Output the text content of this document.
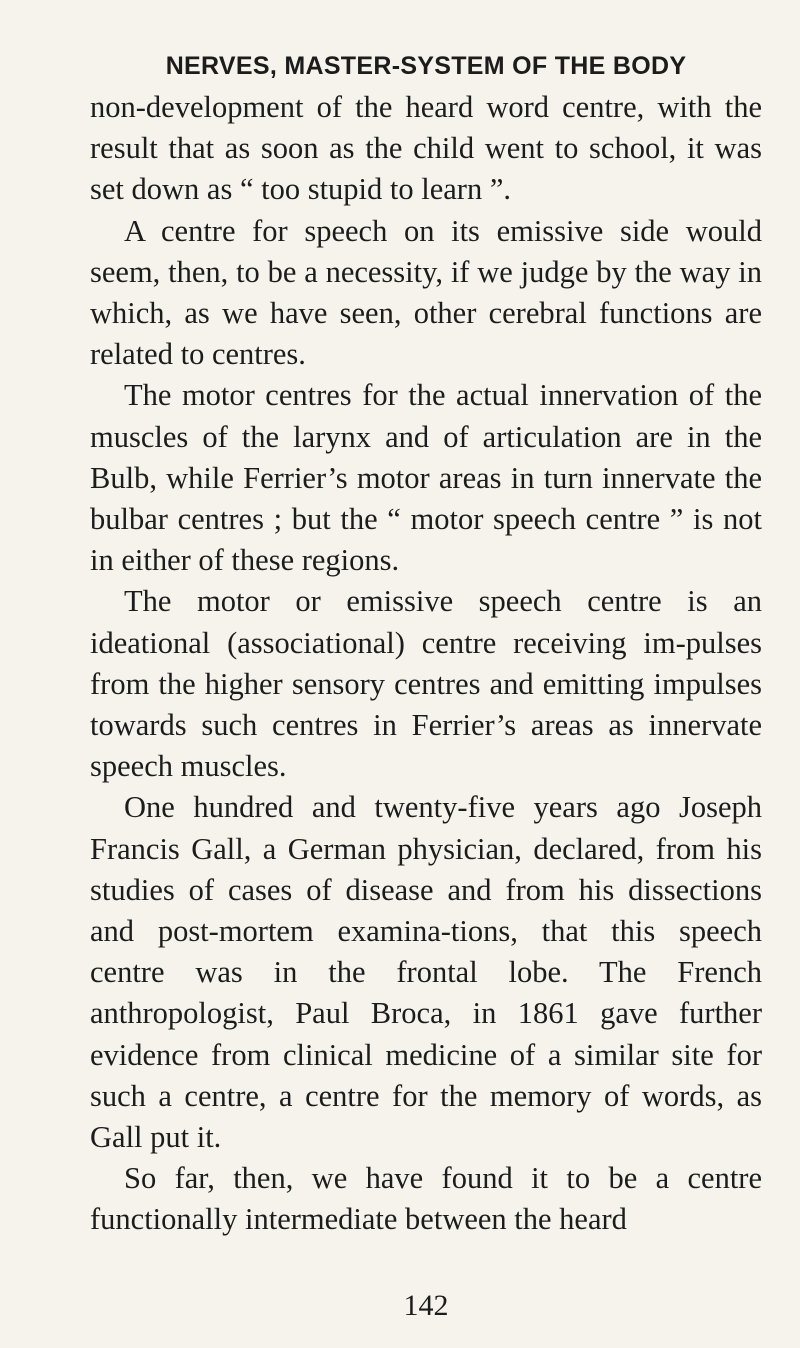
NERVES, MASTER-SYSTEM OF THE BODY

non-development of the heard word centre, with the result that as soon as the child went to school, it was set down as “ too stupid to learn ”.

A centre for speech on its emissive side would seem, then, to be a necessity, if we judge by the way in which, as we have seen, other cerebral functions are related to centres.

The motor centres for the actual innervation of the muscles of the larynx and of articulation are in the Bulb, while Ferrier’s motor areas in turn innervate the bulbar centres ; but the “ motor speech centre ” is not in either of these regions.

The motor or emissive speech centre is an ideational (associational) centre receiving im-pulses from the higher sensory centres and emitting impulses towards such centres in Ferrier’s areas as innervate speech muscles.

One hundred and twenty-five years ago Joseph Francis Gall, a German physician, declared, from his studies of cases of disease and from his dissections and post-mortem examina-tions, that this speech centre was in the frontal lobe. The French anthropologist, Paul Broca, in 1861 gave further evidence from clinical medicine of a similar site for such a centre, a centre for the memory of words, as Gall put it.

So far, then, we have found it to be a centre functionally intermediate between the heard

142
